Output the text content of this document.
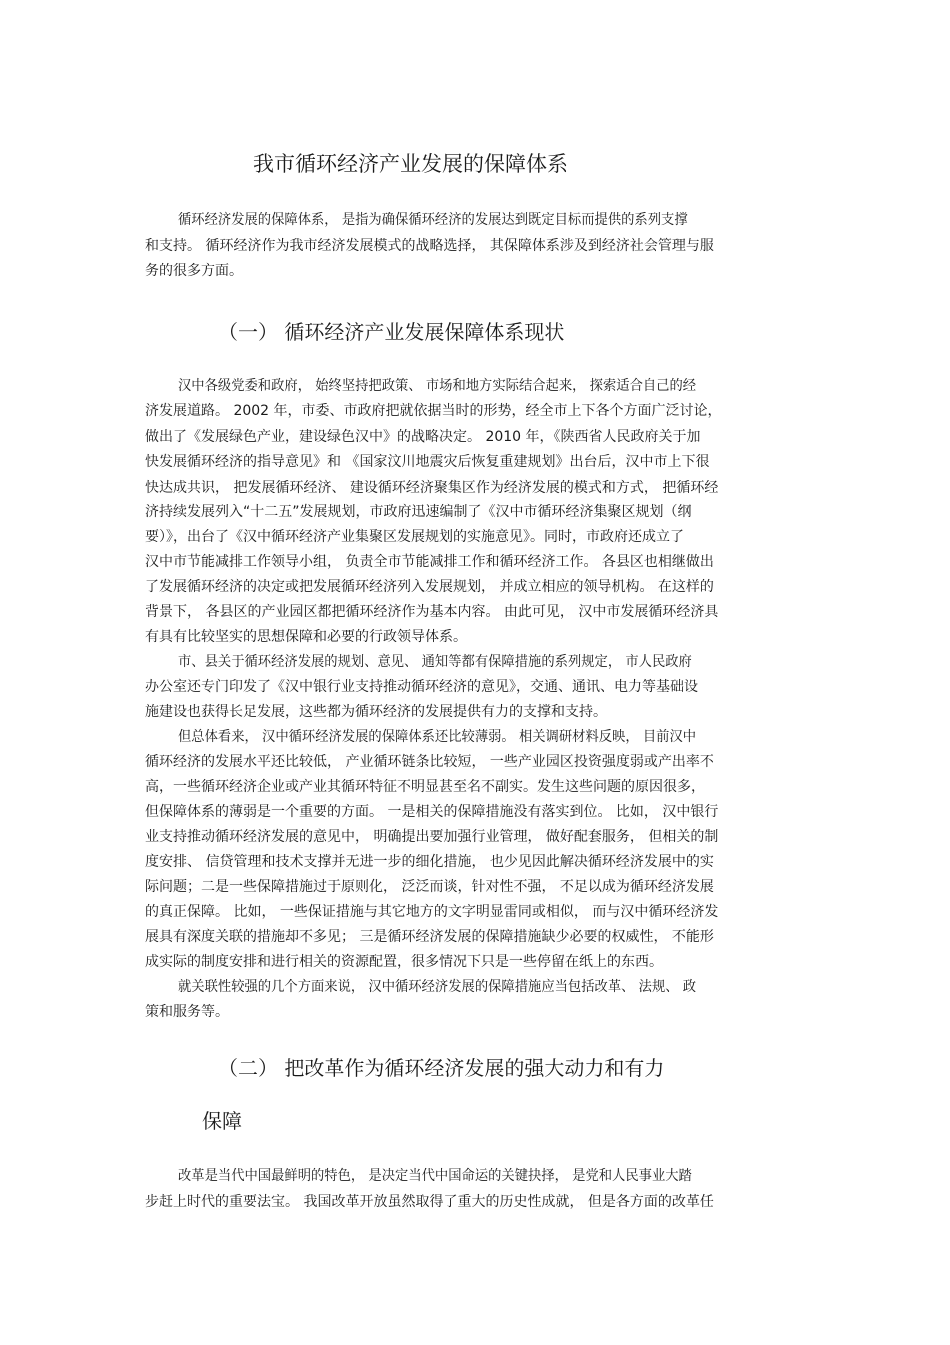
我市循环经济产业发展的保障体系
循环经济发展的保障体系， 是指为确保循环经济的发展达到既定目标而提供的系列支撑
和支持。 循环经济作为我市经济发展模式的战略选择， 其保障体系涉及到经济社会管理与服
务的很多方面。
（一） 循环经济产业发展保障体系现状
汉中各级党委和政府， 始终坚持把政策、 市场和地方实际结合起来， 探索适合自己的经
济发展道路。 2002 年，市委、市政府把就依据当时的形势，经全市上下各个方面广泛讨论，
做出了《发展绿色产业，建设绿色汉中》的战略决定。 2010 年，《陕西省人民政府关于加
快发展循环经济的指导意见》和 《国家汶川地震灾后恢复重建规划》出台后，汉中市上下很
快达成共识， 把发展循环经济、 建设循环经济聚集区作为经济发展的模式和方式， 把循环经
济持续发展列入“十二五”发展规划，市政府迅速编制了《汉中市循环经济集聚区规划（纲
要）》，出台了《汉中循环经济产业集聚区发展规划的实施意见》。同时，市政府还成立了
汉中市节能减排工作领导小组， 负责全市节能减排工作和循环经济工作。 各县区也相继做出
了发展循环经济的决定或把发展循环经济列入发展规划， 并成立相应的领导机构。 在这样的
背景下， 各县区的产业园区都把循环经济作为基本内容。 由此可见， 汉中市发展循环经济具
有具有比较坚实的思想保障和必要的行政领导体系。
市、县关于循环经济发展的规划、意见、 通知等都有保障措施的系列规定， 市人民政府
办公室还专门印发了《汉中银行业支持推动循环经济的意见》，交通、通讯、电力等基础设
施建设也获得长足发展，这些都为循环经济的发展提供有力的支撑和支持。
但总体看来， 汉中循环经济发展的保障体系还比较薄弱。 相关调研材料反映， 目前汉中
循环经济的发展水平还比较低， 产业循环链条比较短， 一些产业园区投资强度弱或产出率不
高，一些循环经济企业或产业其循环特征不明显甚至名不副实。发生这些问题的原因很多，
但保障体系的薄弱是一个重要的方面。 一是相关的保障措施没有落实到位。 比如， 汉中银行
业支持推动循环经济发展的意见中， 明确提出要加强行业管理， 做好配套服务， 但相关的制
度安排、 信贷管理和技术支撑并无进一步的细化措施， 也少见因此解决循环经济发展中的实
际问题；二是一些保障措施过于原则化， 泛泛而谈，针对性不强， 不足以成为循环经济发展
的真正保障。 比如， 一些保证措施与其它地方的文字明显雷同或相似， 而与汉中循环经济发
展具有深度关联的措施却不多见； 三是循环经济发展的保障措施缺少必要的权威性， 不能形
成实际的制度安排和进行相关的资源配置，很多情况下只是一些停留在纸上的东西。
就关联性较强的几个方面来说， 汉中循环经济发展的保障措施应当包括改革、 法规、 政
策和服务等。
（二） 把改革作为循环经济发展的强大动力和有力
保障
改革是当代中国最鲜明的特色， 是决定当代中国命运的关键抉择， 是党和人民事业大踏
步赶上时代的重要法宝。 我国改革开放虽然取得了重大的历史性成就， 但是各方面的改革任
